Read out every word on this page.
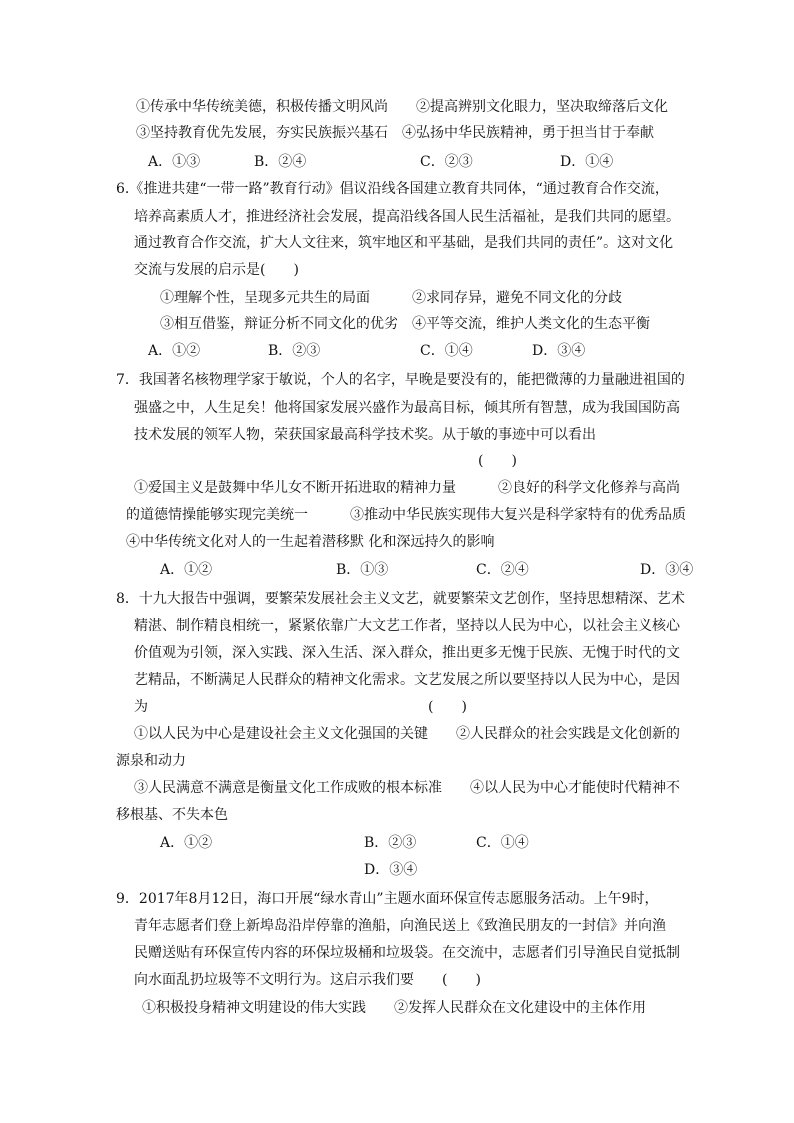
①传承中华传统美德，积极传播文明风尚　　②提高辨别文化眼力，坚决取缔落后文化
③坚持教育优先发展，夯实民族振兴基石　④弘扬中华民族精神，勇于担当甘于奉献
A．①③	B．②④	C．②③	D．①④
6.《推进共建“一带一路”教育行动》倡议沿线各国建立教育共同体，“通过教育合作交流，
培养高素质人才，推进经济社会发展，提高沿线各国人民生活福祉，是我们共同的愿望。
通过教育合作交流，扩大人文往来，筑牢地区和平基础，是我们共同的责任”。这对文化
交流与发展的启示是(　　)
①理解个性，呈现多元共生的局面　　　②求同存异，避免不同文化的分歧
③相互借鉴，辩证分析不同文化的优劣　④平等交流，维护人类文化的生态平衡
A．①②	B．②③	C．①④	D．③④
7．我国著名核物理学家于敏说，个人的名字，早晚是要没有的，能把微薄的力量融进祖国的
强盛之中，人生足矣！他将国家发展兴盛作为最高目标，倾其所有智慧，成为我国国防高
技术发展的领军人物，荣获国家最高科学技术奖。从于敏的事迹中可以看出
(　　)
①爱国主义是鼓舞中华儿女不断开拓进取的精神力量　　　②良好的科学文化修养与高尚
的道德情操能够实现完美统一　　　③推动中华民族实现伟大复兴是科学家特有的优秀品质
④中华传统文化对人的一生起着潜移默 化和深远持久的影响
A．①②	B．①③	C．②④	D．③④
8．十九大报告中强调，要繁荣发展社会主义文艺，就要繁荣文艺创作，坚持思想精深、艺术
精湛、制作精良相统一，紧紧依靠广大文艺工作者，坚持以人民为中心，以社会主义核心
价值观为引领，深入实践、深入生活、深入群众，推出更多无愧于民族、无愧于时代的文
艺精品，不断满足人民群众的精神文化需求。文艺发展之所以要坚持以人民为中心，是因
为	(　　)
①以人民为中心是建设社会主义文化强国的关键　　②人民群众的社会实践是文化创新的
源泉和动力
③人民满意不满意是衡量文化工作成败的根本标准　　④以人民为中心才能使时代精神不
移根基、不失本色
A．①②	B．②③	C．①④
D．③④
9．2017年8月12日，海口开展“绿水青山”主题水面环保宣传志愿服务活动。上午9时，
青年志愿者们登上新埠岛沿岸停靠的渔船，向渔民送上《致渔民朋友的一封信》并向渔
民赠送贴有环保宣传内容的环保垃圾桶和垃圾袋。在交流中，志愿者们引导渔民自觉抵制
向水面乱扔垃圾等不文明行为。这启示我们要　　(　　)
①积极投身精神文明建设的伟大实践　　②发挥人民群众在文化建设中的主体作用
